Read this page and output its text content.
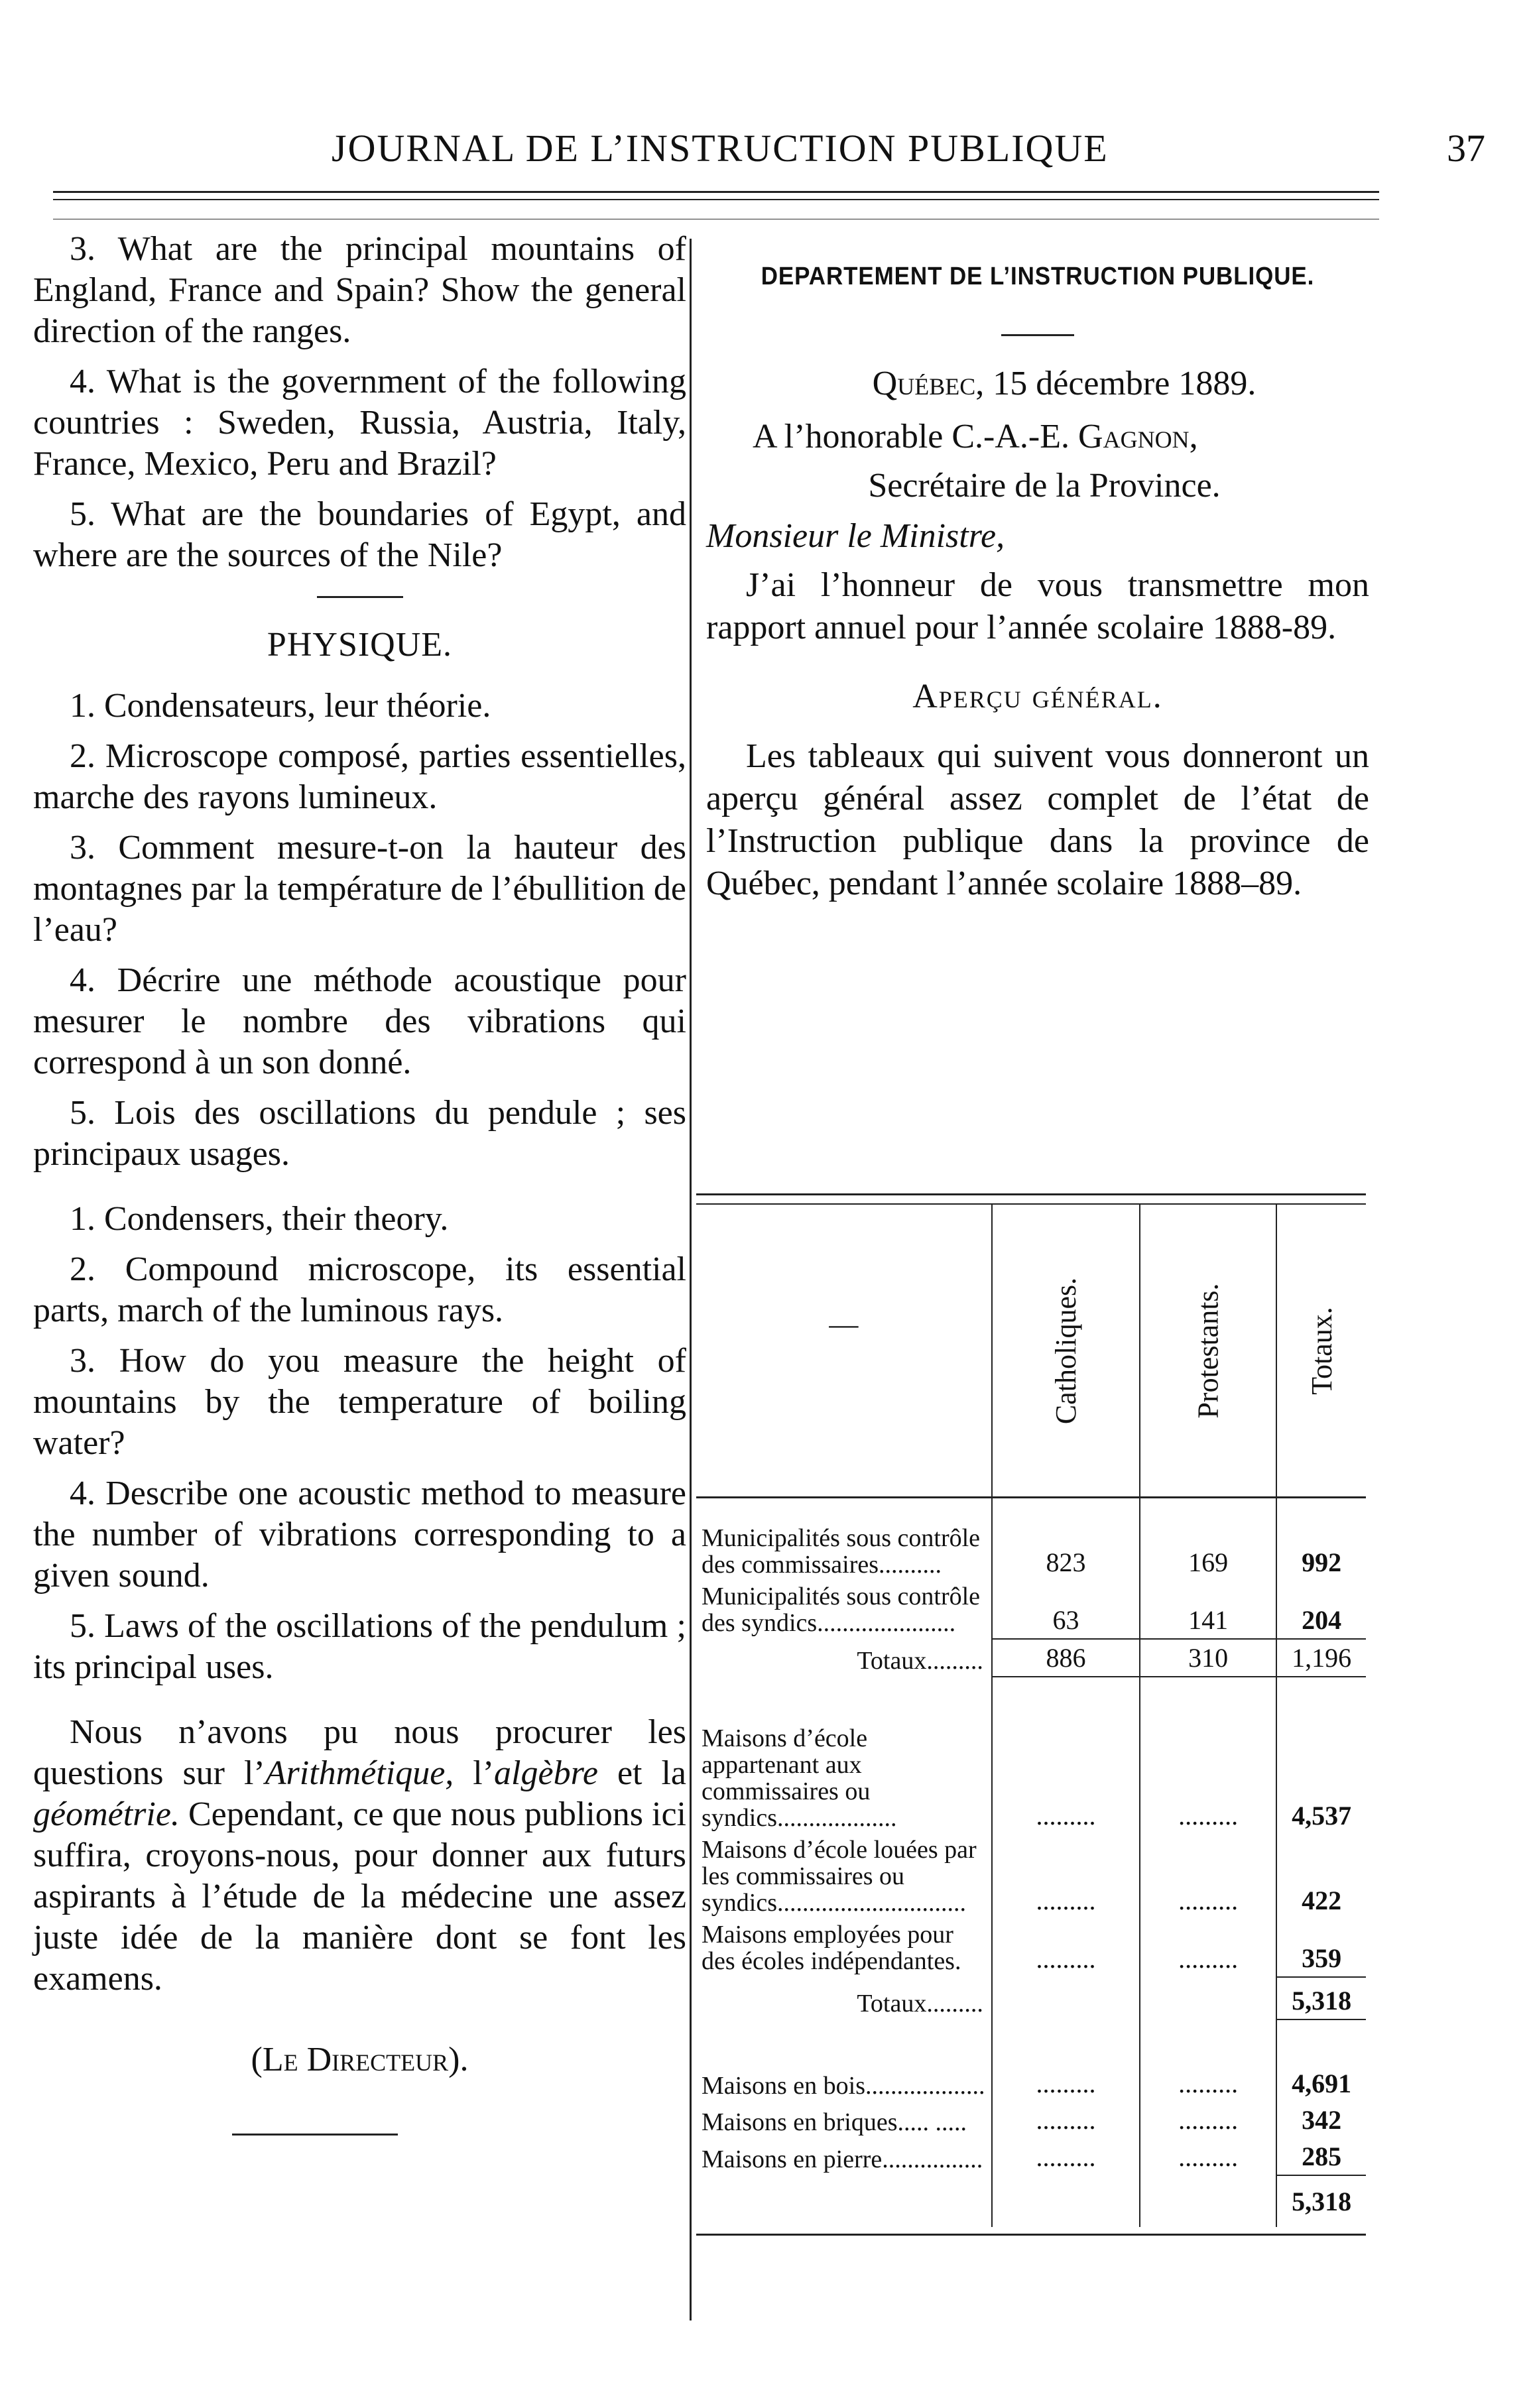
JOURNAL DE L’INSTRUCTION PUBLIQUE	37

3. What are the principal mountains of England, France and Spain? Show the general direction of the ranges.

4. What is the government of the following countries : Sweden, Russia, Austria, Italy, France, Mexico, Peru and Brazil?

5. What are the boundaries of Egypt, and where are the sources of the Nile?

PHYSIQUE.

1. Condensateurs, leur théorie.

2. Microscope composé, parties essentielles, marche des rayons lumineux.

3. Comment mesure-t-on la hauteur des montagnes par la température de l’ébullition de l’eau?

4. Décrire une méthode acoustique pour mesurer le nombre des vibrations qui correspond à un son donné.

5. Lois des oscillations du pendule ; ses principaux usages.

1. Condensers, their theory.

2. Compound microscope, its essential parts, march of the luminous rays.

3. How do you measure the height of mountains by the temperature of boiling water?

4. Describe one acoustic method to measure the number of vibrations corresponding to a given sound.

5. Laws of the oscillations of the pendulum ; its principal uses.

Nous n’avons pu nous procurer les questions sur l’Arithmétique, l’algèbre et la géométrie. Cependant, ce que nous publions ici suffira, croyons-nous, pour donner aux futurs aspirants à l’étude de la médecine une assez juste idée de la manière dont se font les examens.

(Le Directeur).
DEPARTEMENT DE L’INSTRUCTION PUBLIQUE.

Québec, 15 décembre 1889.

A l’honorable C.-A.-E. Gagnon,

Secrétaire de la Province.

Monsieur le Ministre,

J’ai l’honneur de vous transmettre mon rapport annuel pour l’année scolaire 1888-89.

Aperçu général.

Les tableaux qui suivent vous donneront un aperçu général assez complet de l’état de l’Instruction publique dans la province de Québec, pendant l’année scolaire 1888–89.

—	Catholiques.	Protestants.	Totaux.
Municipalités sous contrôle des commissaires..........	823	169	992
Municipalités sous contrôle des syndics......................	63	141	204
Totaux.........	886	310	1,196

Maisons d’école appartenant aux commissaires ou syndics...................	.........	.........	4,537
Maisons d’école louées par les commissaires ou syndics..............................	.........	.........	422
Maisons employées pour des écoles indépendantes.	.........	.........	359
Totaux.........			5,318

Maisons en bois...................	.........	.........	4,691
Maisons en briques..... .....	.........	.........	342
Maisons en pierre................	.........	.........	285
			5,318
